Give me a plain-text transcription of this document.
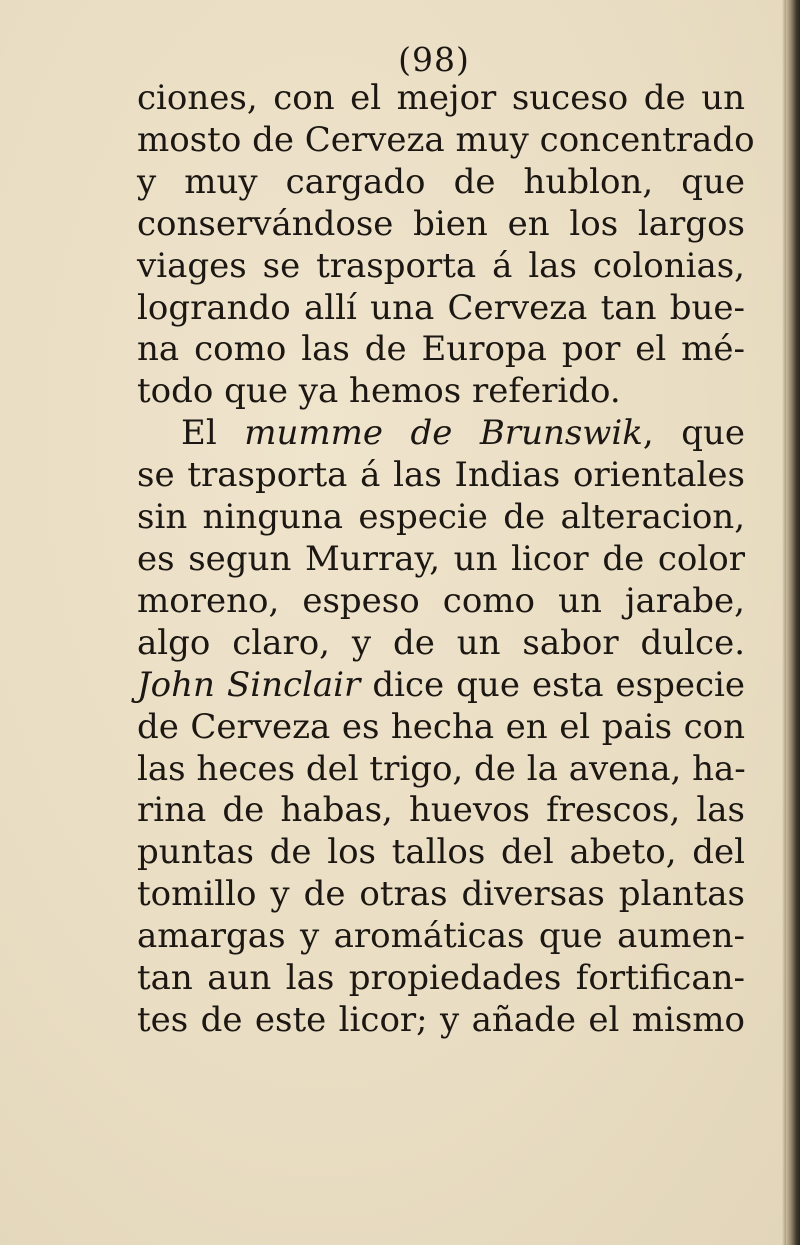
(98)
ciones, con el mejor suceso de un
mosto de Cerveza muy concentrado
y muy cargado de hublon, que
conservándose bien en los largos
viages se trasporta á las colonias,
logrando allí una Cerveza tan bue-
na como las de Europa por el mé-
todo que ya hemos referido.
El mumme de Brunswik, que
se trasporta á las Indias orientales
sin ninguna especie de alteracion,
es segun Murray, un licor de color
moreno, espeso como un jarabe,
algo claro, y de un sabor dulce.
John Sinclair dice que esta especie
de Cerveza es hecha en el pais con
las heces del trigo, de la avena, ha-
rina de habas, huevos frescos, las
puntas de los tallos del abeto, del
tomillo y de otras diversas plantas
amargas y aromáticas que aumen-
tan aun las propiedades fortifican-
tes de este licor; y añade el mismo
